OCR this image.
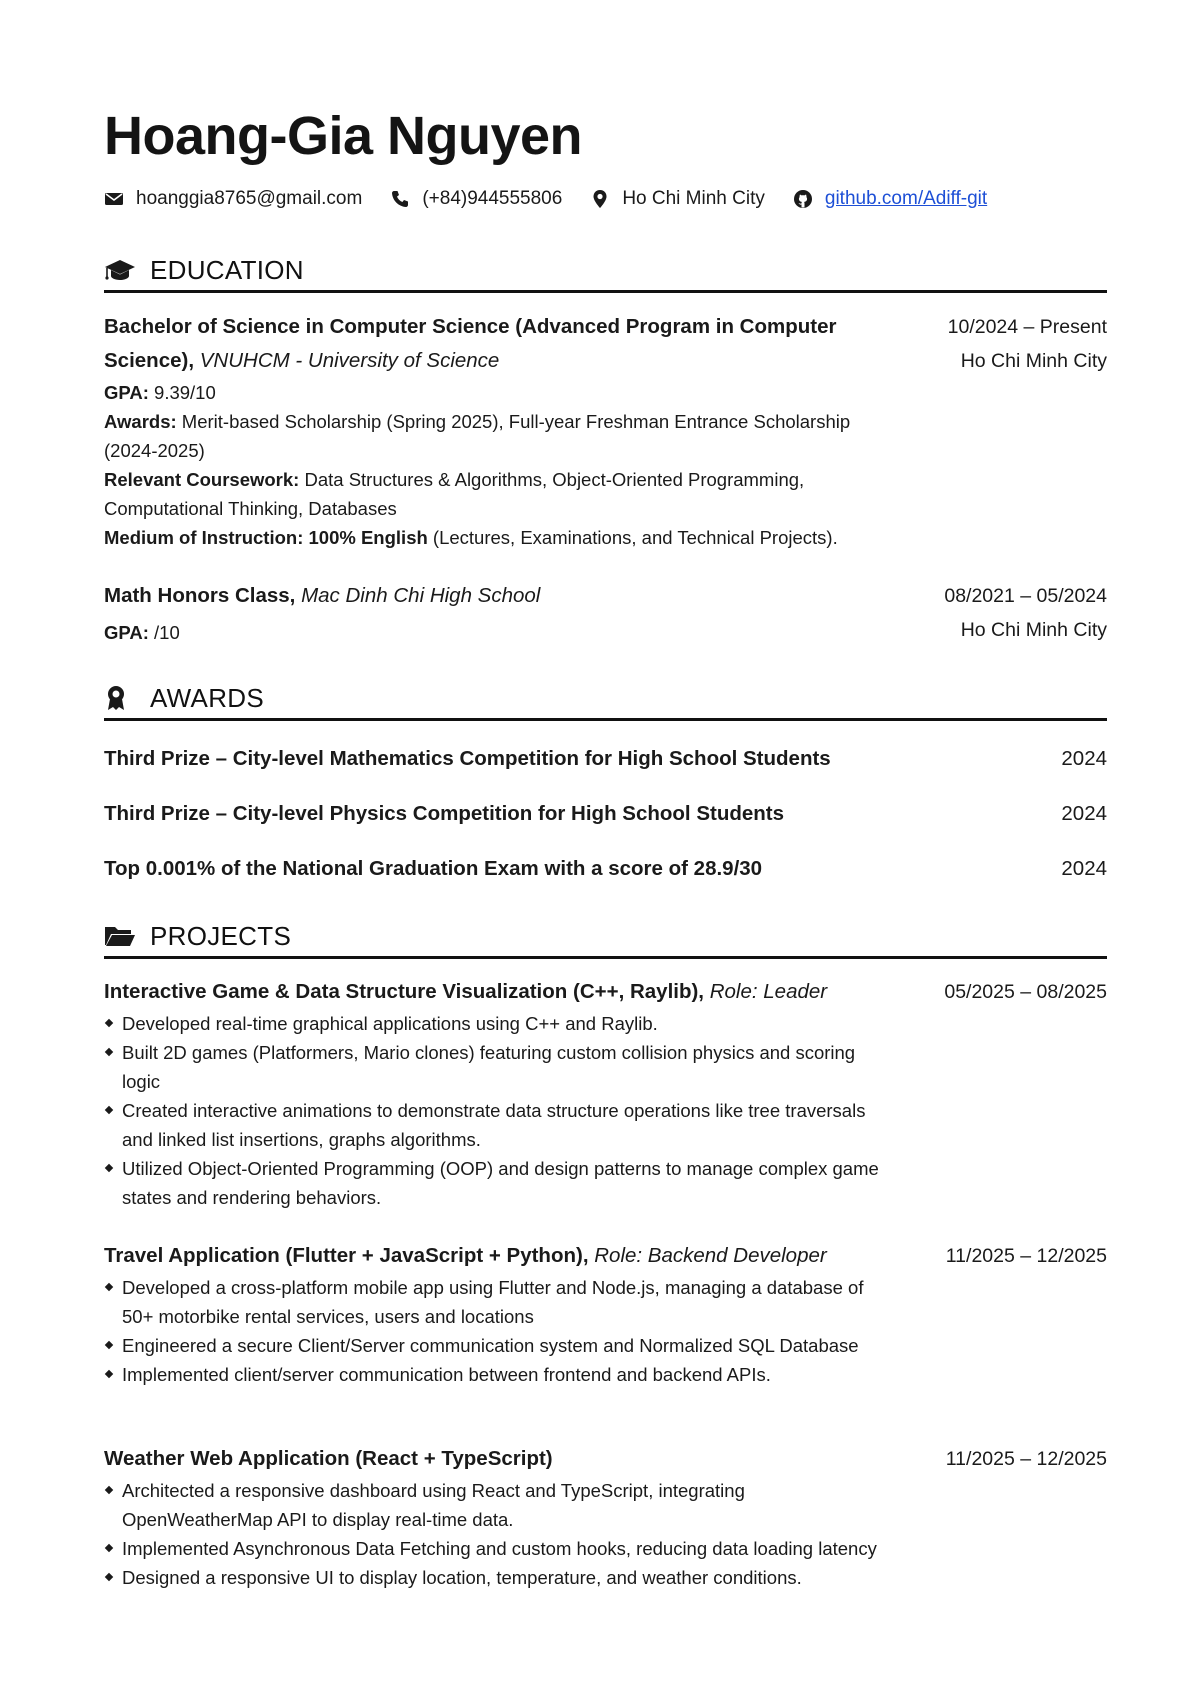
Hoang-Gia Nguyen
hoanggia8765@gmail.com	(+84)944555806	Ho Chi Minh City	github.com/Adiff-git
EDUCATION
Bachelor of Science in Computer Science (Advanced Program in Computer Science), VNUHCM - University of Science
10/2024 – Present
Ho Chi Minh City
GPA: 9.39/10
Awards: Merit-based Scholarship (Spring 2025), Full-year Freshman Entrance Scholarship (2024-2025)
Relevant Coursework: Data Structures & Algorithms, Object-Oriented Programming, Computational Thinking, Databases
Medium of Instruction: 100% English (Lectures, Examinations, and Technical Projects).
Math Honors Class, Mac Dinh Chi High School	08/2021 – 05/2024
Ho Chi Minh City
GPA: /10
AWARDS
Third Prize – City-level Mathematics Competition for High School Students	2024
Third Prize – City-level Physics Competition for High School Students	2024
Top 0.001% of the National Graduation Exam with a score of 28.9/30	2024
PROJECTS
Interactive Game & Data Structure Visualization (C++, Raylib), Role: Leader	05/2025 – 08/2025
Developed real-time graphical applications using C++ and Raylib.
Built 2D games (Platformers, Mario clones) featuring custom collision physics and scoring logic
Created interactive animations to demonstrate data structure operations like tree traversals and linked list insertions, graphs algorithms.
Utilized Object-Oriented Programming (OOP) and design patterns to manage complex game states and rendering behaviors.
Travel Application (Flutter + JavaScript + Python), Role: Backend Developer	11/2025 – 12/2025
Developed a cross-platform mobile app using Flutter and Node.js, managing a database of 50+ motorbike rental services, users and locations
Engineered a secure Client/Server communication system and Normalized SQL Database
Implemented client/server communication between frontend and backend APIs.
Weather Web Application (React + TypeScript)	11/2025 – 12/2025
Architected a responsive dashboard using React and TypeScript, integrating OpenWeatherMap API to display real-time data.
Implemented Asynchronous Data Fetching and custom hooks, reducing data loading latency
Designed a responsive UI to display location, temperature, and weather conditions.
